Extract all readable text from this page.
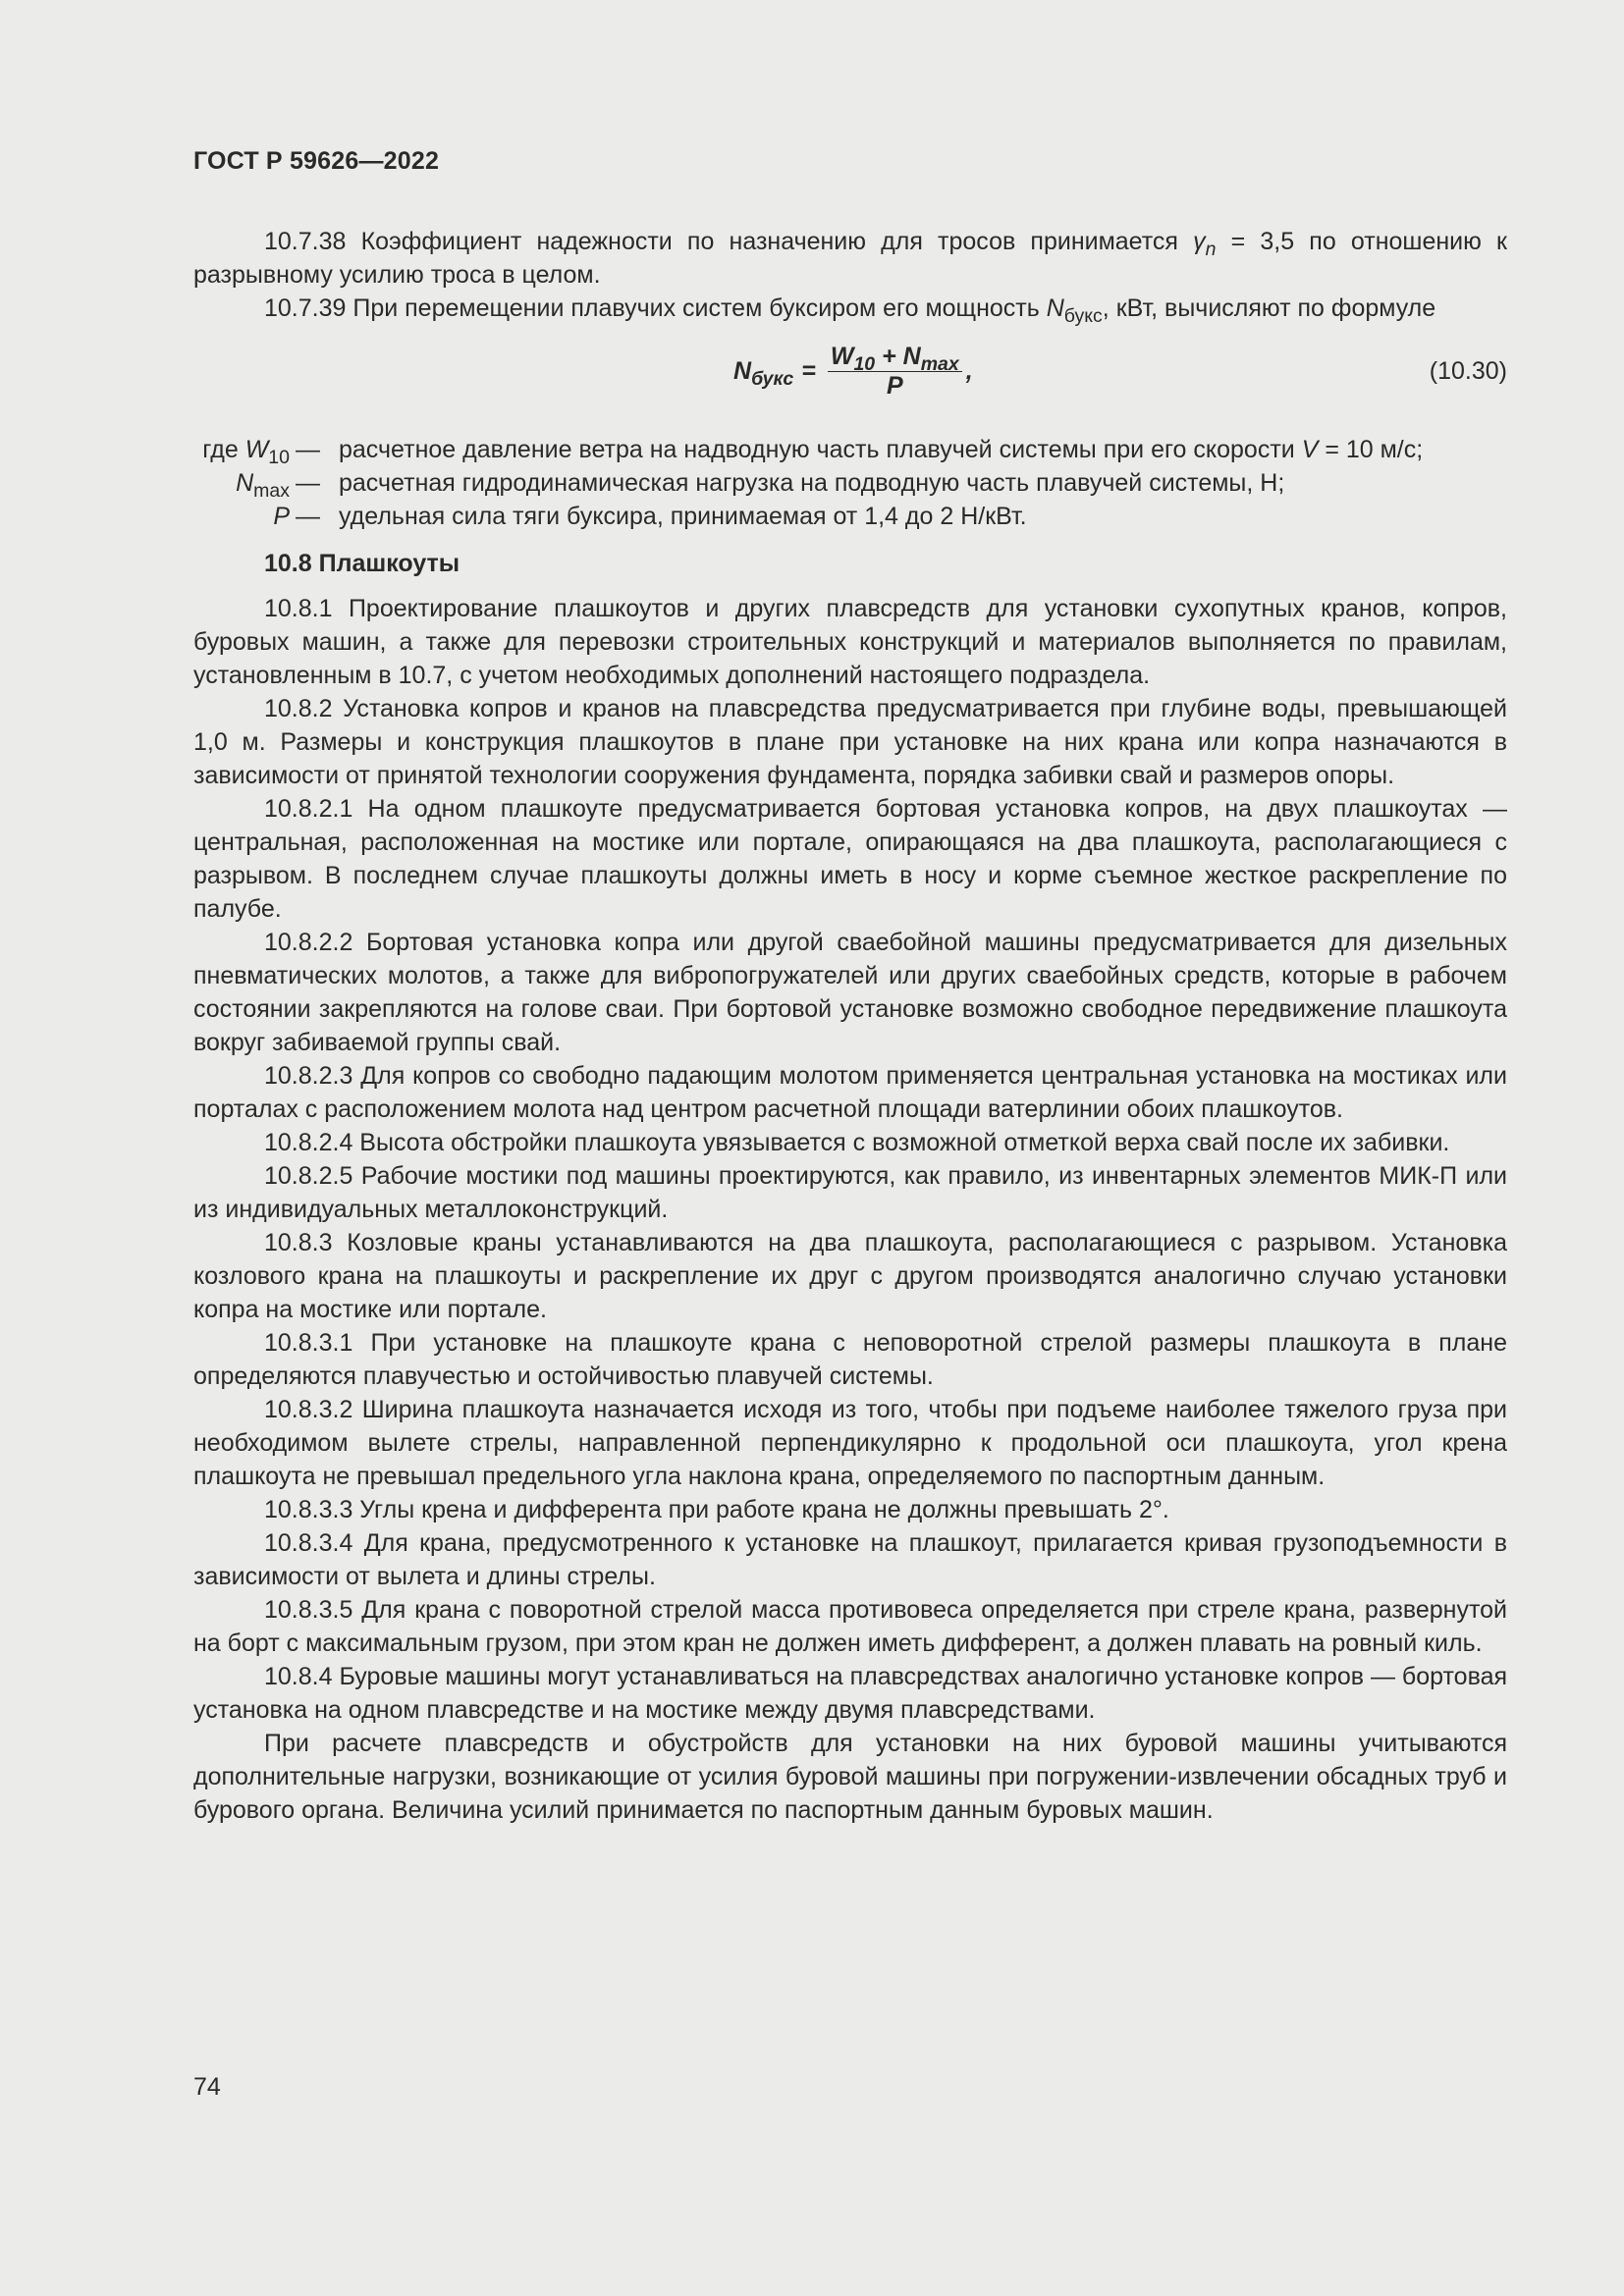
ГОСТ Р 59626—2022

10.7.38 Коэффициент надежности по назначению для тросов принимается $\gamma_n = 3,5$ по отношению к разрывному усилию троса в целом.

10.7.39 При перемещении плавучих систем буксиром его мощность $N_{букс}$, кВт, вычисляют по формуле

$N_{букс} = \frac{W_{10} + N_{max}}{P}$ ,	(10.30)
где $W_{10}$ — расчетное давление ветра на надводную часть плавучей системы при его скорости V = 10 м/с;
$N_{max}$ — расчетная гидродинамическая нагрузка на подводную часть плавучей системы, Н;
P — удельная сила тяги буксира, принимаемая от 1,4 до 2 Н/кВт.
10.8 Плашкоуты

10.8.1 Проектирование плашкоутов и других плавсредств для установки сухопутных кранов, копров, буровых машин, а также для перевозки строительных конструкций и материалов выполняется по правилам, установленным в 10.7, с учетом необходимых дополнений настоящего подраздела.

10.8.2 Установка копров и кранов на плавсредства предусматривается при глубине воды, превышающей 1,0 м. Размеры и конструкция плашкоутов в плане при установке на них крана или копра назначаются в зависимости от принятой технологии сооружения фундамента, порядка забивки свай и размеров опоры.

10.8.2.1 На одном плашкоуте предусматривается бортовая установка копров, на двух плашкоутах — центральная, расположенная на мостике или портале, опирающаяся на два плашкоута, располагающиеся с разрывом. В последнем случае плашкоуты должны иметь в носу и корме съемное жесткое раскрепление по палубе.

10.8.2.2 Бортовая установка копра или другой сваебойной машины предусматривается для дизельных пневматических молотов, а также для вибропогружателей или других сваебойных средств, которые в рабочем состоянии закрепляются на голове сваи. При бортовой установке возможно свободное передвижение плашкоута вокруг забиваемой группы свай.

10.8.2.3 Для копров со свободно падающим молотом применяется центральная установка на мостиках или порталах с расположением молота над центром расчетной площади ватерлинии обоих плашкоутов.

10.8.2.4 Высота обстройки плашкоута увязывается с возможной отметкой верха свай после их забивки.

10.8.2.5 Рабочие мостики под машины проектируются, как правило, из инвентарных элементов МИК-П или из индивидуальных металлоконструкций.

10.8.3 Козловые краны устанавливаются на два плашкоута, располагающиеся с разрывом. Установка козлового крана на плашкоуты и раскрепление их друг с другом производятся аналогично случаю установки копра на мостике или портале.

10.8.3.1 При установке на плашкоуте крана с неповоротной стрелой размеры плашкоута в плане определяются плавучестью и остойчивостью плавучей системы.

10.8.3.2 Ширина плашкоута назначается исходя из того, чтобы при подъеме наиболее тяжелого груза при необходимом вылете стрелы, направленной перпендикулярно к продольной оси плашкоута, угол крена плашкоута не превышал предельного угла наклона крана, определяемого по паспортным данным.

10.8.3.3 Углы крена и дифферента при работе крана не должны превышать 2°.

10.8.3.4 Для крана, предусмотренного к установке на плашкоут, прилагается кривая грузоподъемности в зависимости от вылета и длины стрелы.

10.8.3.5 Для крана с поворотной стрелой масса противовеса определяется при стреле крана, развернутой на борт с максимальным грузом, при этом кран не должен иметь дифферент, а должен плавать на ровный киль.

10.8.4 Буровые машины могут устанавливаться на плавсредствах аналогично установке копров — бортовая установка на одном плавсредстве и на мостике между двумя плавсредствами.

При расчете плавсредств и обустройств для установки на них буровой машины учитываются дополнительные нагрузки, возникающие от усилия буровой машины при погружении-извлечении обсадных труб и бурового органа. Величина усилий принимается по паспортным данным буровых машин.

74
